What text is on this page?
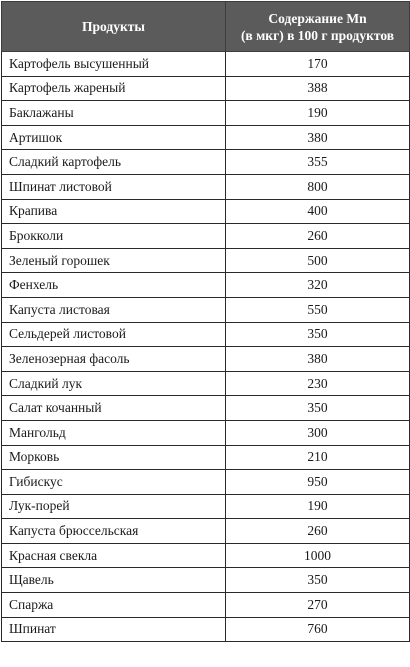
Продукты	Содержание Mn
(в мкг) в 100 г продуктов

Картофель высушенный	170
Картофель жареный	388
Баклажаны	190
Артишок	380
Сладкий картофель	355
Шпинат листовой	800
Крапива	400
Брокколи	260
Зеленый горошек	500
Фенхель	320
Капуста листовая	550
Сельдерей листовой	350
Зеленозерная фасоль	380
Сладкий лук	230
Салат кочанный	350
Мангольд	300
Морковь	210
Гибискус	950
Лук-порей	190
Капуста брюссельская	260
Красная свекла	1000
Щавель	350
Спаржа	270
Шпинат	760
